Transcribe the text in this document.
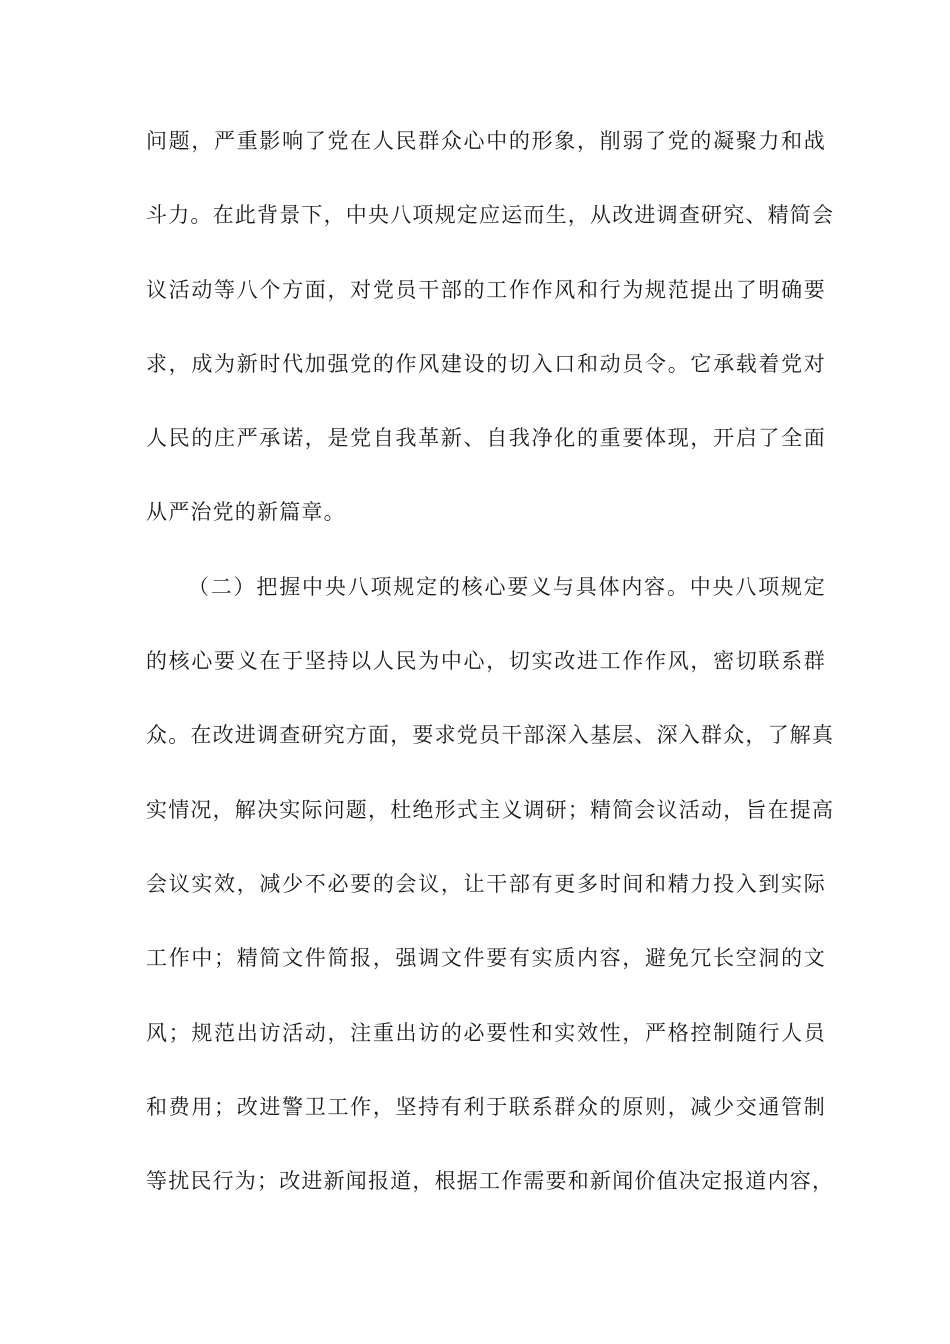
问题，严重影响了党在人民群众心中的形象，削弱了党的凝聚力和战
斗力。在此背景下，中央八项规定应运而生，从改进调查研究、精简会
议活动等八个方面，对党员干部的工作作风和行为规范提出了明确要
求，成为新时代加强党的作风建设的切入口和动员令。它承载着党对
人民的庄严承诺，是党自我革新、自我净化的重要体现，开启了全面
从严治党的新篇章。
（二）把握中央八项规定的核心要义与具体内容。中央八项规定
的核心要义在于坚持以人民为中心，切实改进工作作风，密切联系群
众。在改进调查研究方面，要求党员干部深入基层、深入群众，了解真
实情况，解决实际问题，杜绝形式主义调研；精简会议活动，旨在提高
会议实效，减少不必要的会议，让干部有更多时间和精力投入到实际
工作中；精简文件简报，强调文件要有实质内容，避免冗长空洞的文
风；规范出访活动，注重出访的必要性和实效性，严格控制随行人员
和费用；改进警卫工作，坚持有利于联系群众的原则，减少交通管制
等扰民行为；改进新闻报道，根据工作需要和新闻价值决定报道内容，
